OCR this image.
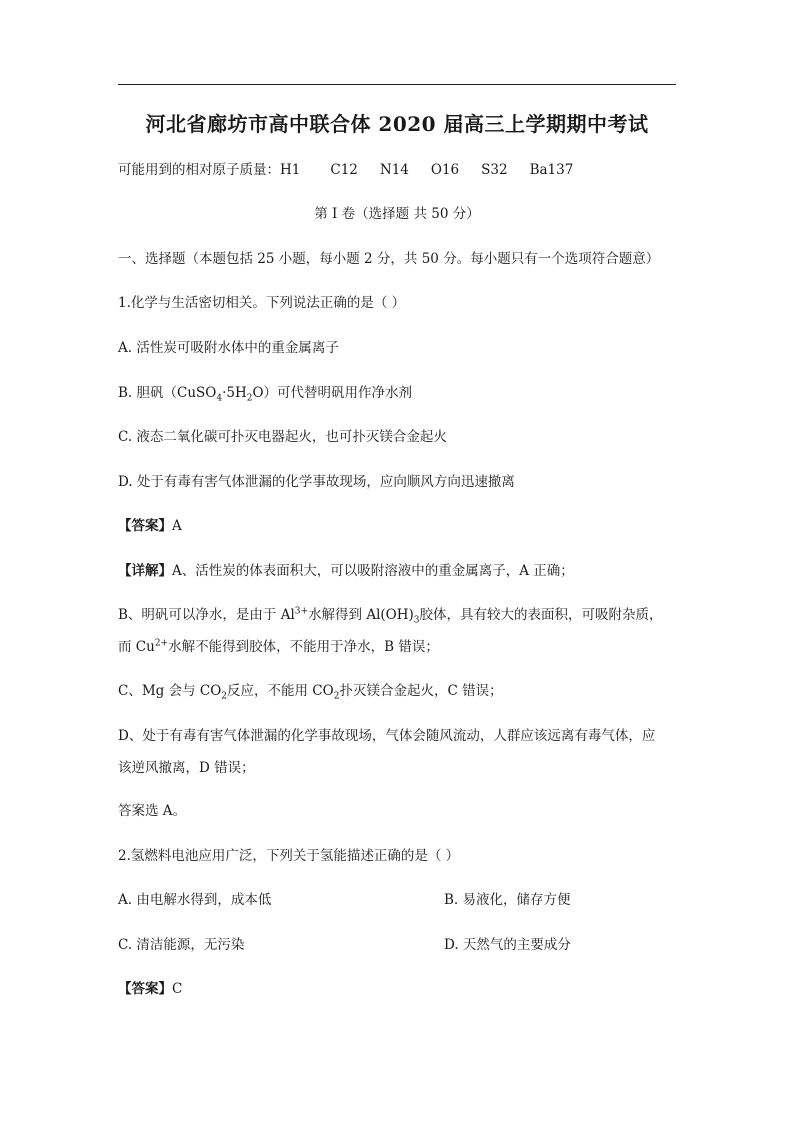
河北省廊坊市高中联合体 2020 届高三上学期期中考试
可能用到的相对原子质量：H1 C12 N14 O16 S32 Ba137
第 I 卷（选择题 共 50 分）
一、选择题（本题包括 25 小题，每小题 2 分，共 50 分。每小题只有一个选项符合题意）
1.化学与生活密切相关。下列说法正确的是（ ）
A. 活性炭可吸附水体中的重金属离子
B. 胆矾$(CuSO_4\cdot 5H_2O)$可代替明矾用作净水剂
C. 液态二氧化碳可扑灭电器起火，也可扑灭镁合金起火
D. 处于有毒有害气体泄漏的化学事故现场，应向顺风方向迅速撤离
【答案】A
【详解】A、活性炭的体表面积大，可以吸附溶液中的重金属离子，A 正确；
B、明矾可以净水，是由于 $Al^{3+}$水解得到 $Al(OH)_3$胶体，具有较大的表面积，可吸附杂质，
而 $Cu^{2+}$水解不能得到胶体，不能用于净水，B 错误；
C、Mg 会与 $CO_2$反应，不能用 $CO_2$扑灭镁合金起火，C 错误；
D、处于有毒有害气体泄漏的化学事故现场，气体会随风流动，人群应该远离有毒气体，应
该逆风撤离，D 错误；
答案选 A。
2.氢燃料电池应用广泛，下列关于氢能描述正确的是（ ）
A. 由电解水得到，成本低	B. 易液化，储存方便
C. 清洁能源，无污染	D. 天然气的主要成分
【答案】C
